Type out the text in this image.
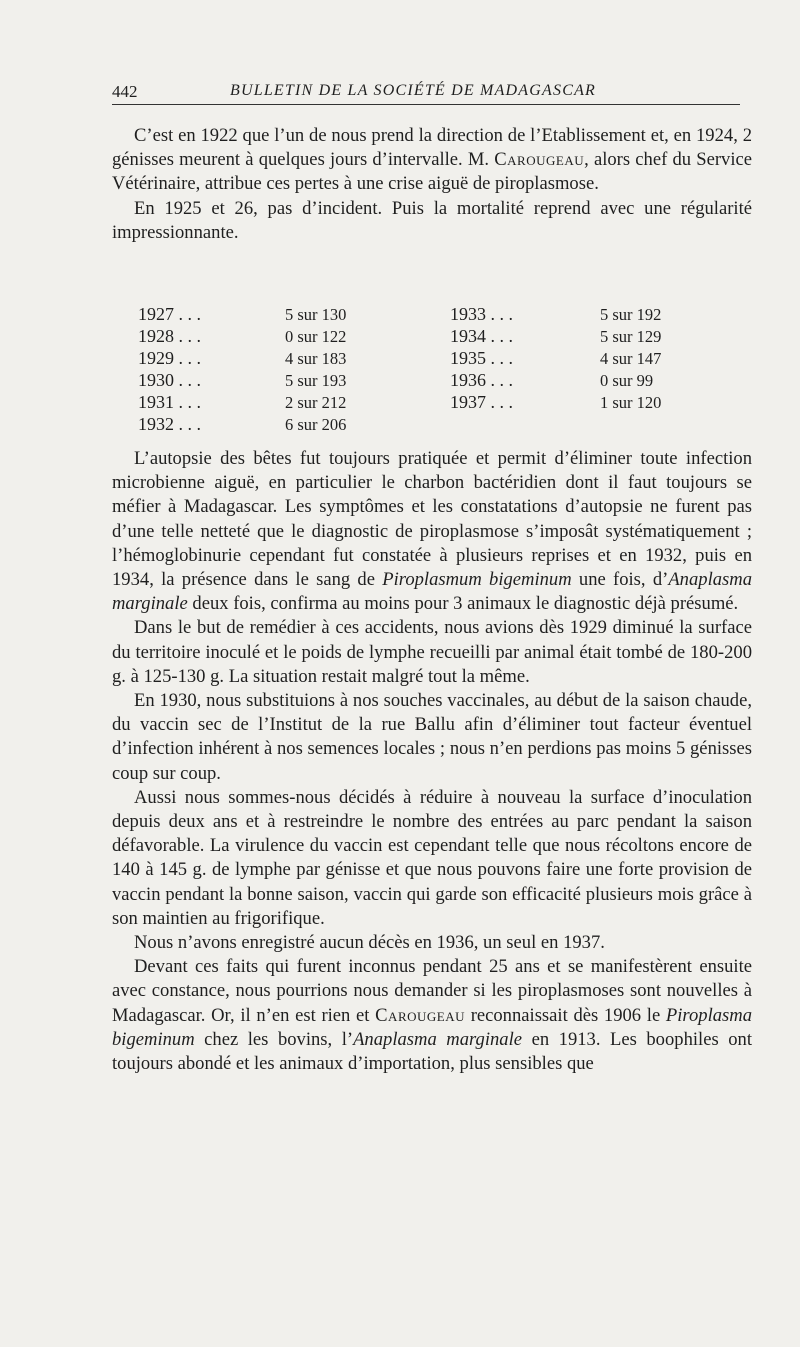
442	BULLETIN DE LA SOCIÉTÉ DE MADAGASCAR

C’est en 1922 que l’un de nous prend la direction de l’Etablissement et, en 1924, 2 génisses meurent à quelques jours d’intervalle. M. Carougeau, alors chef du Service Vétérinaire, attribue ces pertes à une crise aiguë de piroplasmose.

En 1925 et 26, pas d’incident. Puis la mortalité reprend avec une régularité impressionnante.

1927 . . .	5 sur 130
1928 . . .	0 sur 122
1929 . . .	4 sur 183
1930 . . .	5 sur 193
1931 . . .	2 sur 212
1932 . . .	6 sur 206
1933 . . .	5 sur 192
1934 . . .	5 sur 129
1935 . . .	4 sur 147
1936 . . .	0 sur 99
1937 . . .	1 sur 120

L’autopsie des bêtes fut toujours pratiquée et permit d’éliminer toute infection microbienne aiguë, en particulier le charbon bactéridien dont il faut toujours se méfier à Madagascar. Les symptômes et les constatations d’autopsie ne furent pas d’une telle netteté que le diagnostic de piroplasmose s’imposât systématiquement ; l’hémoglobinurie cependant fut constatée à plusieurs reprises et en 1932, puis en 1934, la présence dans le sang de Piroplasmum bigeminum une fois, d’Anaplasma marginale deux fois, confirma au moins pour 3 animaux le diagnostic déjà présumé.

Dans le but de remédier à ces accidents, nous avions dès 1929 diminué la surface du territoire inoculé et le poids de lymphe recueilli par animal était tombé de 180-200 g. à 125-130 g. La situation restait malgré tout la même.

En 1930, nous substituions à nos souches vaccinales, au début de la saison chaude, du vaccin sec de l’Institut de la rue Ballu afin d’éliminer tout facteur éventuel d’infection inhérent à nos semences locales ; nous n’en perdions pas moins 5 génisses coup sur coup.

Aussi nous sommes-nous décidés à réduire à nouveau la surface d’inoculation depuis deux ans et à restreindre le nombre des entrées au parc pendant la saison défavorable. La virulence du vaccin est cependant telle que nous récoltons encore de 140 à 145 g. de lymphe par génisse et que nous pouvons faire une forte provision de vaccin pendant la bonne saison, vaccin qui garde son efficacité plusieurs mois grâce à son maintien au frigorifique.

Nous n’avons enregistré aucun décès en 1936, un seul en 1937.

Devant ces faits qui furent inconnus pendant 25 ans et se manifestèrent ensuite avec constance, nous pourrions nous demander si les piroplasmoses sont nouvelles à Madagascar. Or, il n’en est rien et Carougeau reconnaissait dès 1906 le Piroplasma bigeminum chez les bovins, l’Anaplasma marginale en 1913. Les boophiles ont toujours abondé et les animaux d’importation, plus sensibles que
